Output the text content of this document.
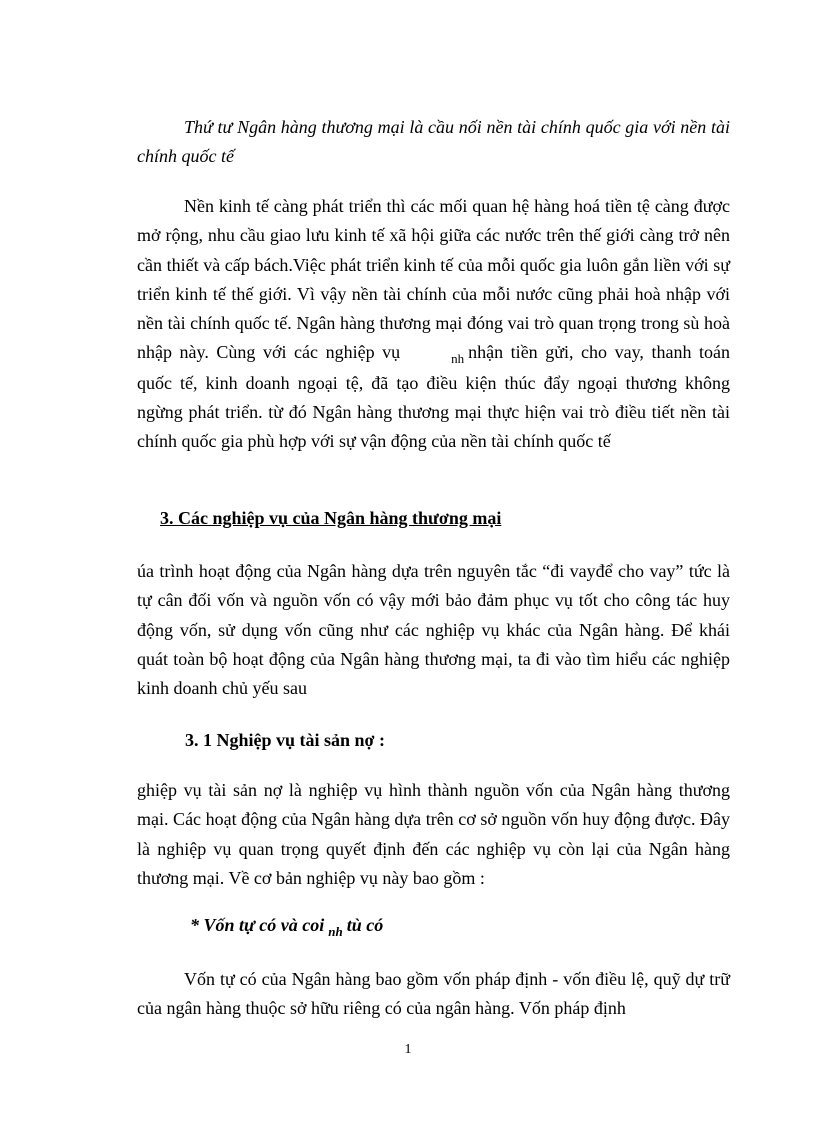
Thứ tư Ngân hàng thương mại là cầu nối nền tài chính quốc gia với nền tài chính quốc tế

Nền kinh tế càng phát triển thì các mối quan hệ hàng hoá tiền tệ càng được mở rộng, nhu cầu giao lưu kinh tế xã hội giữa các nước trên thế giới càng trở nên cần thiết và cấp bách.Việc phát triển kinh tế của mỗi quốc gia luôn gắn liền với sự triển kinh tế thế giới. Vì vậy nền tài chính của mỗi nước cũng phải hoà nhập với nền tài chính quốc tế. Ngân hàng thương mại đóng vai trò quan trọng trong sù hoà nhập này. Cùng với các nghiệp vụ	nh nhận tiền gửi, cho vay, thanh toán quốc tế, kinh doanh ngoại tệ, đã tạo điều kiện thúc đẩy ngoại thương không ngừng phát triển. từ đó Ngân hàng thương mại thực hiện vai trò điều tiết nền tài chính quốc gia phù hợp với sự vận động của nền tài chính quốc tế

3. Các nghiệp vụ của Ngân hàng thương mại

úa trình hoạt động của Ngân hàng dựa trên nguyên tắc “đi vayđể cho vay” tức là tự cân đối vốn và nguồn vốn có vậy mới bảo đảm phục vụ tốt cho công tác huy động vốn, sử dụng vốn cũng như các nghiệp vụ khác của Ngân hàng. Để khái quát toàn bộ hoạt động của Ngân hàng thương mại, ta đi vào tìm hiểu các nghiệp kinh doanh chủ yếu sau

3. 1 Nghiệp vụ tài sản nợ :

ghiệp vụ tài sản nợ là nghiệp vụ hình thành nguồn vốn của Ngân hàng thương mại. Các hoạt động của Ngân hàng dựa trên cơ sở nguồn vốn huy động được. Đây là nghiệp vụ quan trọng quyết định đến các nghiệp vụ còn lại của Ngân hàng thương mại. Về cơ bản nghiệp vụ này bao gồm :

* Vốn tự có và coi nh tù có

Vốn tự có của Ngân hàng bao gồm vốn pháp định - vốn điều lệ, quỹ dự trữ của ngân hàng thuộc sở hữu riêng có của ngân hàng. Vốn pháp định

1
